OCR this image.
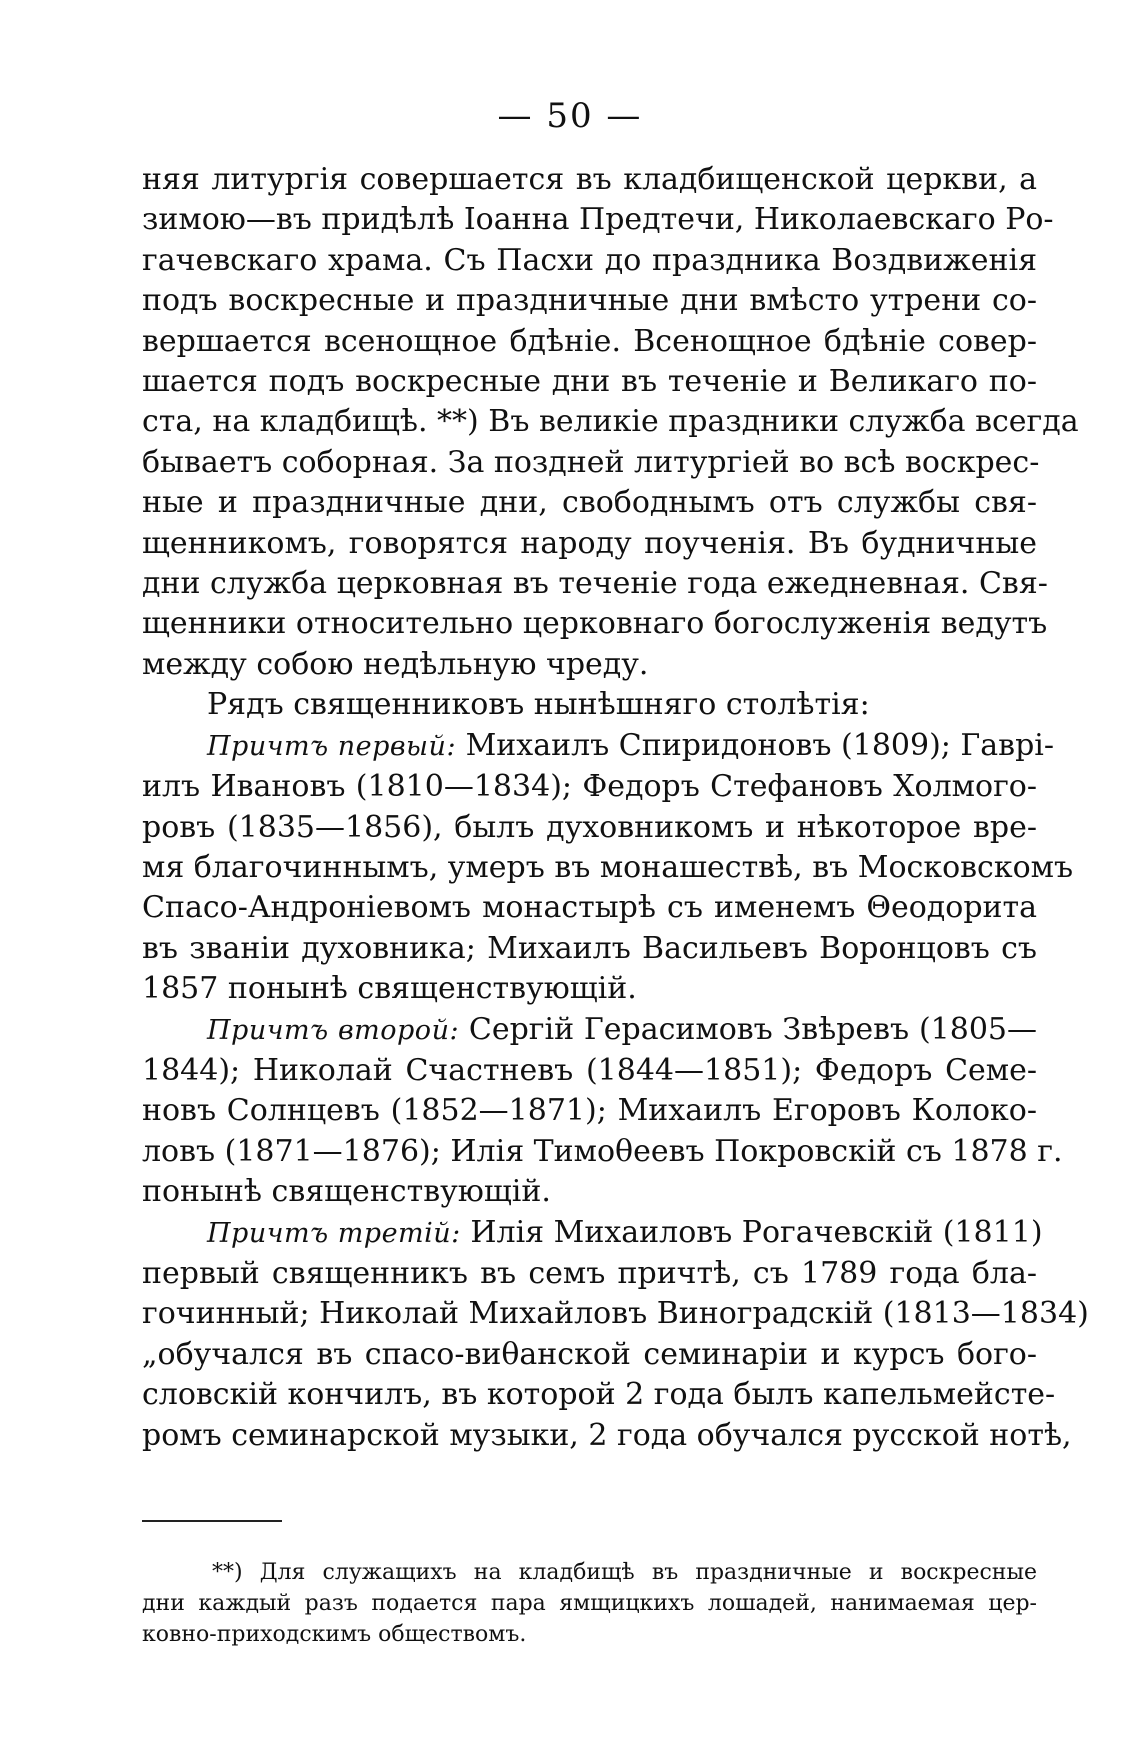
— 50 —
няя литургія совершается въ кладбищенской церкви, а
зимою—въ придѣлѣ Іоанна Предтечи, Николаевскаго Ро-
гачевскаго храма. Съ Пасхи до праздника Воздвиженія
подъ воскресные и праздничные дни вмѣсто утрени со-
вершается всенощное бдѣніе. Всенощное бдѣніе совер-
шается подъ воскресные дни въ теченіе и Великаго по-
ста, на кладбищѣ. **) Въ великіе праздники служба всегда
бываетъ соборная. За поздней литургіей во всѣ воскрес-
ные и праздничные дни, свободнымъ отъ службы свя-
щенникомъ, говорятся народу поученія. Въ будничные
дни служба церковная въ теченіе года ежедневная. Свя-
щенники относительно церковнаго богослуженія ведутъ
между собою недѣльную чреду.
Рядъ священниковъ нынѣшняго столѣтія:
Причтъ первый: Михаилъ Спиридоновъ (1809); Гаврі-
илъ Ивановъ (1810—1834); Федоръ Стефановъ Холмого-
ровъ (1835—1856), былъ духовникомъ и нѣкоторое вре-
мя благочиннымъ, умеръ въ монашествѣ, въ Московскомъ
Спасо-Андроніевомъ монастырѣ съ именемъ Θеодорита
въ званіи духовника; Михаилъ Васильевъ Воронцовъ съ
1857 понынѣ священствующій.
Причтъ второй: Сергій Герасимовъ Звѣревъ (1805—
1844); Николай Счастневъ (1844—1851); Федоръ Семе-
новъ Солнцевъ (1852—1871); Михаилъ Егоровъ Колоко-
ловъ (1871—1876); Илія Тимоθеевъ Покровскій съ 1878 г.
понынѣ священствующій.
Причтъ третій: Илія Михаиловъ Рогачевскій (1811)
первый священникъ въ семъ причтѣ, съ 1789 года бла-
гочинный; Николай Михайловъ Виноградскій (1813—1834)
„обучался въ спасо-виθанской семинаріи и курсъ бого-
словскій кончилъ, въ которой 2 года былъ капельмейсте-
ромъ семинарской музыки, 2 года обучался русской нотѣ,
**) Для служащихъ на кладбищѣ въ праздничные и воскресные
дни каждый разъ подается пара ямщицкихъ лошадей, нанимаемая цер-
ковно-приходскимъ обществомъ.
